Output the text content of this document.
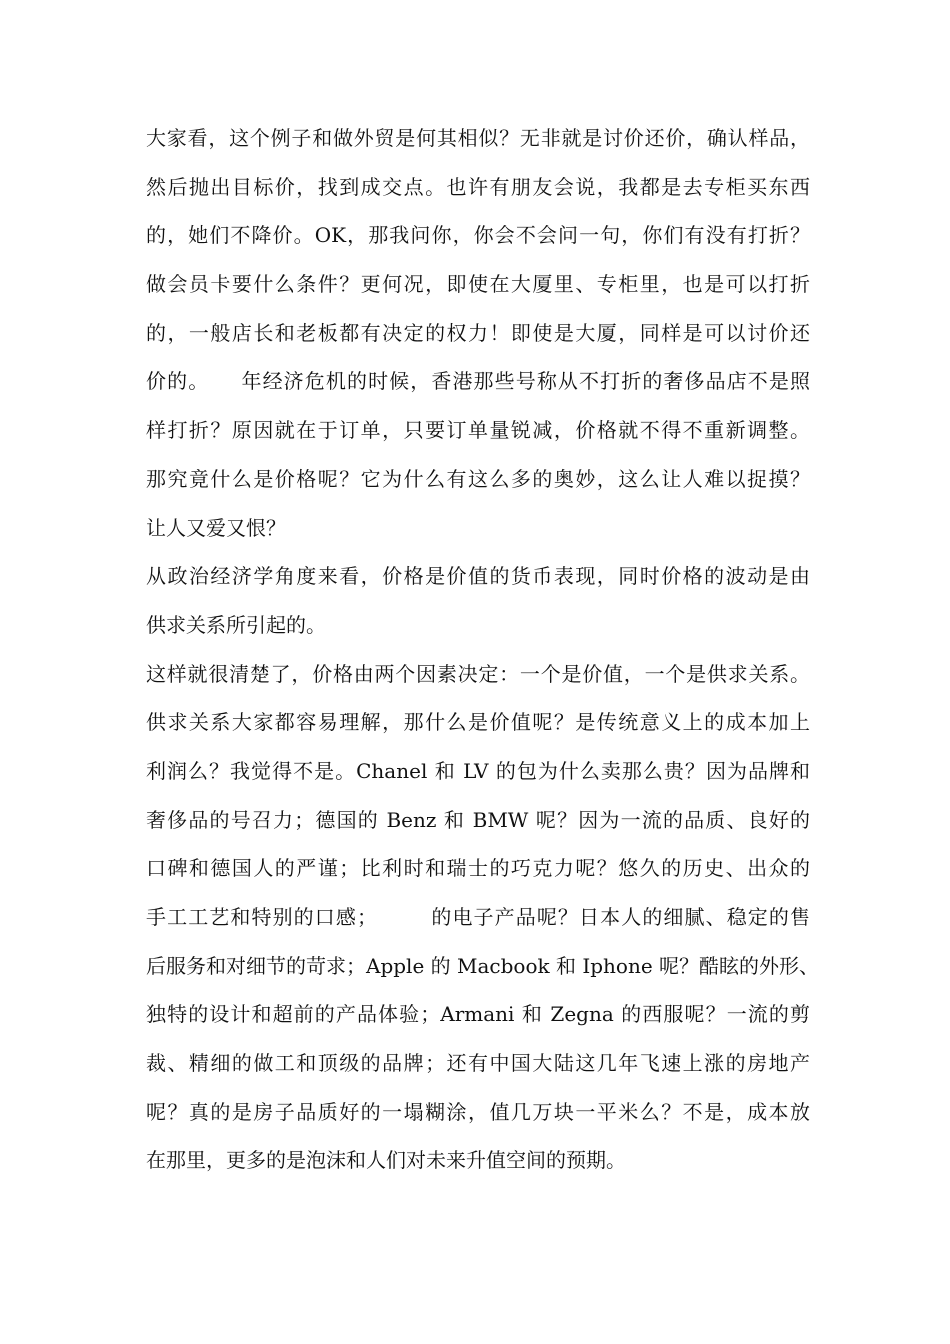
大家看，这个例子和做外贸是何其相似？无非就是讨价还价，确认样品，
然后抛出目标价，找到成交点。也许有朋友会说，我都是去专柜买东西
的，她们不降价。OK，那我问你，你会不会问一句，你们有没有打折？
做会员卡要什么条件？更何况，即使在大厦里、专柜里，也是可以打折
的，一般店长和老板都有决定的权力！即使是大厦，同样是可以讨价还
价的。　　年经济危机的时候，香港那些号称从不打折的奢侈品店不是照
样打折？原因就在于订单，只要订单量锐减，价格就不得不重新调整。
那究竟什么是价格呢？它为什么有这么多的奥妙，这么让人难以捉摸？
让人又爱又恨？
从政治经济学角度来看，价格是价值的货币表现，同时价格的波动是由
供求关系所引起的。
这样就很清楚了，价格由两个因素决定：一个是价值，一个是供求关系。
供求关系大家都容易理解，那什么是价值呢？是传统意义上的成本加上
利润么？我觉得不是。Chanel 和 LV 的包为什么卖那么贵？因为品牌和
奢侈品的号召力；德国的 Benz 和 BMW 呢？因为一流的品质、良好的
口碑和德国人的严谨；比利时和瑞士的巧克力呢？悠久的历史、出众的
手工工艺和特别的口感；　　　的电子产品呢？日本人的细腻、稳定的售
后服务和对细节的苛求；Apple 的 Macbook 和 Iphone 呢？酷眩的外形、
独特的设计和超前的产品体验；Armani 和 Zegna 的西服呢？一流的剪
裁、精细的做工和顶级的品牌；还有中国大陆这几年飞速上涨的房地产
呢？真的是房子品质好的一塌糊涂，值几万块一平米么？不是，成本放
在那里，更多的是泡沫和人们对未来升值空间的预期。
